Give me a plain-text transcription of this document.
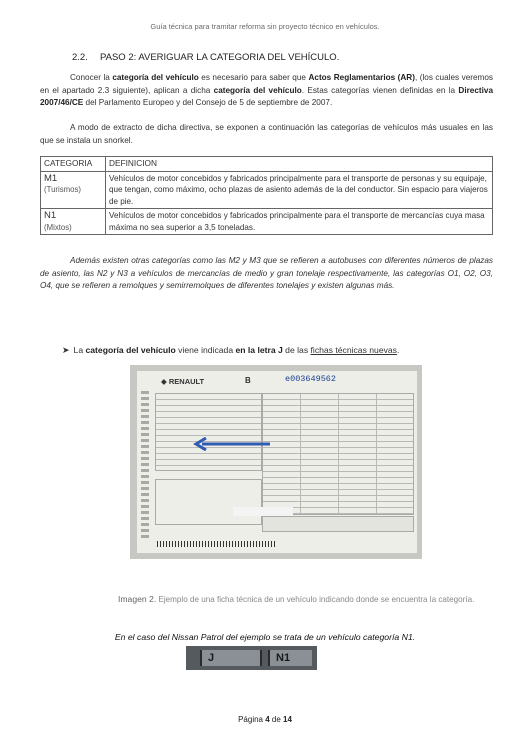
Guía técnica para tramitar reforma sin proyecto técnico en vehículos.
2.2. PASO 2: AVERIGUAR LA CATEGORIA DEL VEHÍCULO.
Conocer la categoría del vehículo es necesario para saber que Actos Reglamentarios (AR), (los cuales veremos en el apartado 2.3 siguiente), aplican a dicha categoría del vehículo. Estas categorías vienen definidas en la Directiva 2007/46/CE del Parlamento Europeo y del Consejo de 5 de septiembre de 2007.
A modo de extracto de dicha directiva, se exponen a continuación las categorías de vehículos más usuales en las que se instala un snorkel.
CATEGORIA	DEFINICION

M1
(Turismos)	Vehículos de motor concebidos y fabricados principalmente para el transporte de personas y su equipaje, que tengan, como máximo, ocho plazas de asiento además de la del conductor. Sin espacio para viajeros de pie.

N1
(Mixtos)	Vehículos de motor concebidos y fabricados principalmente para el transporte de mercancías cuya masa máxima no sea superior a 3,5 toneladas.
Además existen otras categorías como las M2 y M3 que se refieren a autobuses con diferentes números de plazas de asiento, las N2 y N3 a vehículos de mercancías de medio y gran tonelaje respectivamente, las categorías O1, O2, O3, O4, que se refieren a remolques y semirremolques de diferentes tonelajes y existen algunas más.
➤ La categoría del vehículo viene indicada en la letra J de las fichas técnicas nuevas.
◆ RENAULT	B	e003649562
Imagen 2. Ejemplo de una ficha técnica de un vehículo indicando donde se encuentra la categoría.
En el caso del Nissan Patrol del ejemplo se trata de un vehículo categoría N1.
J	N1
Página 4 de 14
